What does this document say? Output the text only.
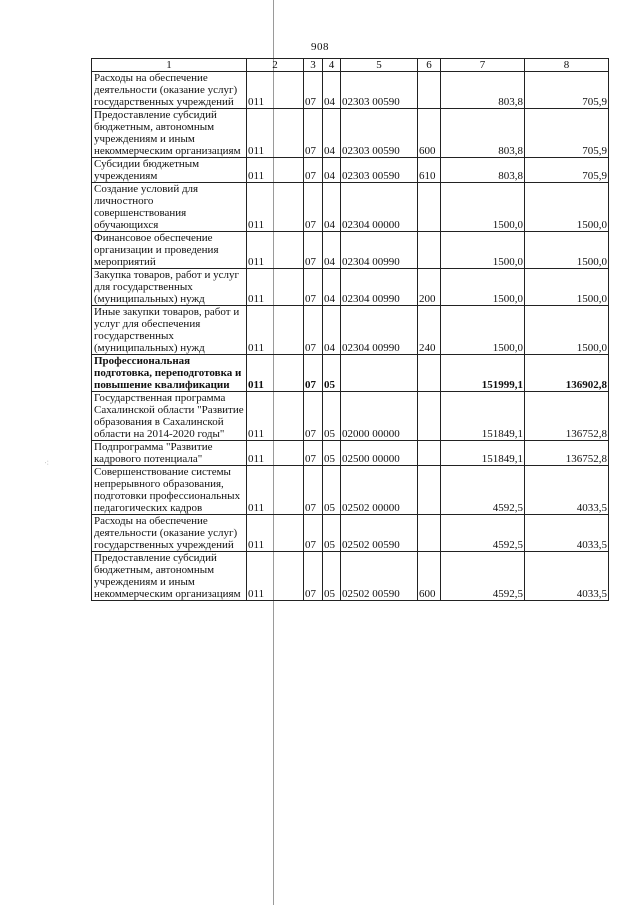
908
⁖
1	2	3	4	5	6	7	8
Расходы на обеспечение деятельности (оказание услуг) государственных учреждений	011	07	04	02303 00590		803,8	705,9
Предоставление субсидий бюджетным, автономным учреждениям и иным некоммерческим организациям	011	07	04	02303 00590	600	803,8	705,9
Субсидии бюджетным учреждениям	011	07	04	02303 00590	610	803,8	705,9
Создание условий для личностного совершенствования обучающихся	011	07	04	02304 00000		1500,0	1500,0
Финансовое обеспечение организации и проведения мероприятий	011	07	04	02304 00990		1500,0	1500,0
Закупка товаров, работ и услуг для государственных (муниципальных) нужд	011	07	04	02304 00990	200	1500,0	1500,0
Иные закупки товаров, работ и услуг для обеспечения государственных (муниципальных) нужд	011	07	04	02304 00990	240	1500,0	1500,0
Профессиональная подготовка, переподготовка и повышение квалификации	011	07	05			151999,1	136902,8
Государственная программа Сахалинской области "Развитие образования в Сахалинской области на 2014-2020 годы"	011	07	05	02000 00000		151849,1	136752,8
Подпрограмма "Развитие кадрового потенциала"	011	07	05	02500 00000		151849,1	136752,8
Совершенствование системы непрерывного образования, подготовки профессиональных педагогических кадров	011	07	05	02502 00000		4592,5	4033,5
Расходы на обеспечение деятельности (оказание услуг) государственных учреждений	011	07	05	02502 00590		4592,5	4033,5
Предоставление субсидий бюджетным, автономным учреждениям и иным некоммерческим организациям	011	07	05	02502 00590	600	4592,5	4033,5
